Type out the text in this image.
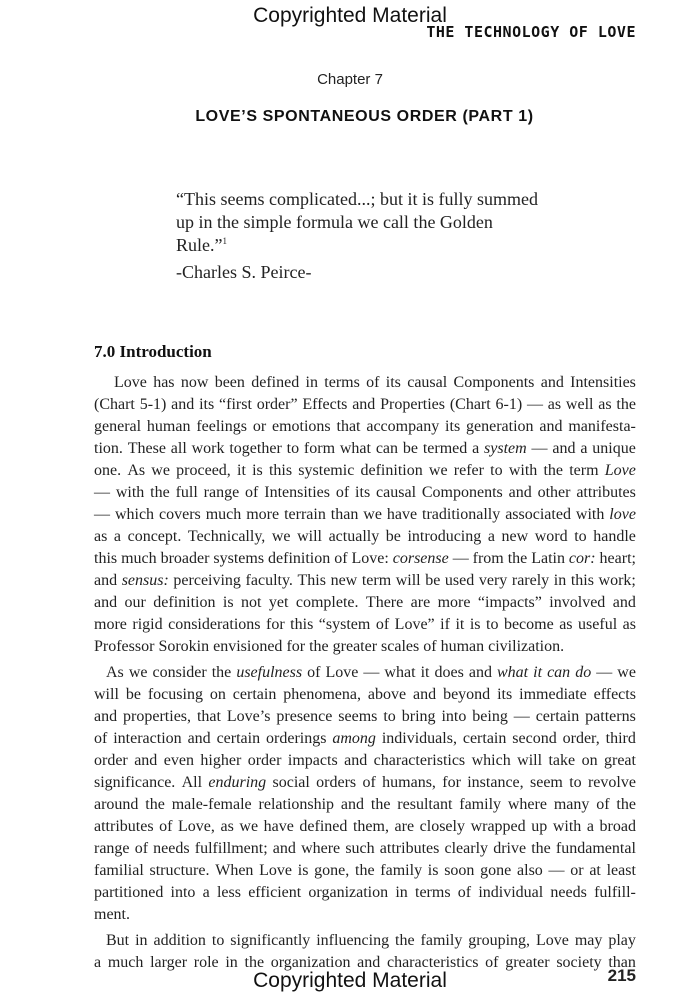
Copyrighted Material
THE TECHNOLOGY OF LOVE
Chapter 7
LOVE’S SPONTANEOUS ORDER (PART 1)

“This seems complicated...; but it is fully summed

up in the simple formula we call the Golden

Rule.”$^1$

-Charles S. Peirce-
7.0 Introduction
Love has now been defined in terms of its causal Components and Intensities
(Chart 5-1) and its “first order” Effects and Properties (Chart 6-1) — as well as the
general human feelings or emotions that accompany its generation and manifesta-
tion. These all work together to form what can be termed a system — and a unique
one. As we proceed, it is this systemic definition we refer to with the term Love
— with the full range of Intensities of its causal Components and other attributes
— which covers much more terrain than we have traditionally associated with love
as a concept. Technically, we will actually be introducing a new word to handle
this much broader systems definition of Love: corsense — from the Latin cor: heart;
and sensus: perceiving faculty. This new term will be used very rarely in this work;
and our definition is not yet complete. There are more “impacts” involved and
more rigid considerations for this “system of Love” if it is to become as useful as
Professor Sorokin envisioned for the greater scales of human civilization.
As we consider the usefulness of Love — what it does and what it can do — we
will be focusing on certain phenomena, above and beyond its immediate effects
and properties, that Love’s presence seems to bring into being — certain patterns
of interaction and certain orderings among individuals, certain second order, third
order and even higher order impacts and characteristics which will take on great
significance. All enduring social orders of humans, for instance, seem to revolve
around the male-female relationship and the resultant family where many of the
attributes of Love, as we have defined them, are closely wrapped up with a broad
range of needs fulfillment; and where such attributes clearly drive the fundamental
familial structure. When Love is gone, the family is soon gone also — or at least
partitioned into a less efficient organization in terms of individual needs fulfill-
ment.
But in addition to significantly influencing the family grouping, Love may play
a much larger role in the organization and characteristics of greater society than
Copyrighted Material	215
